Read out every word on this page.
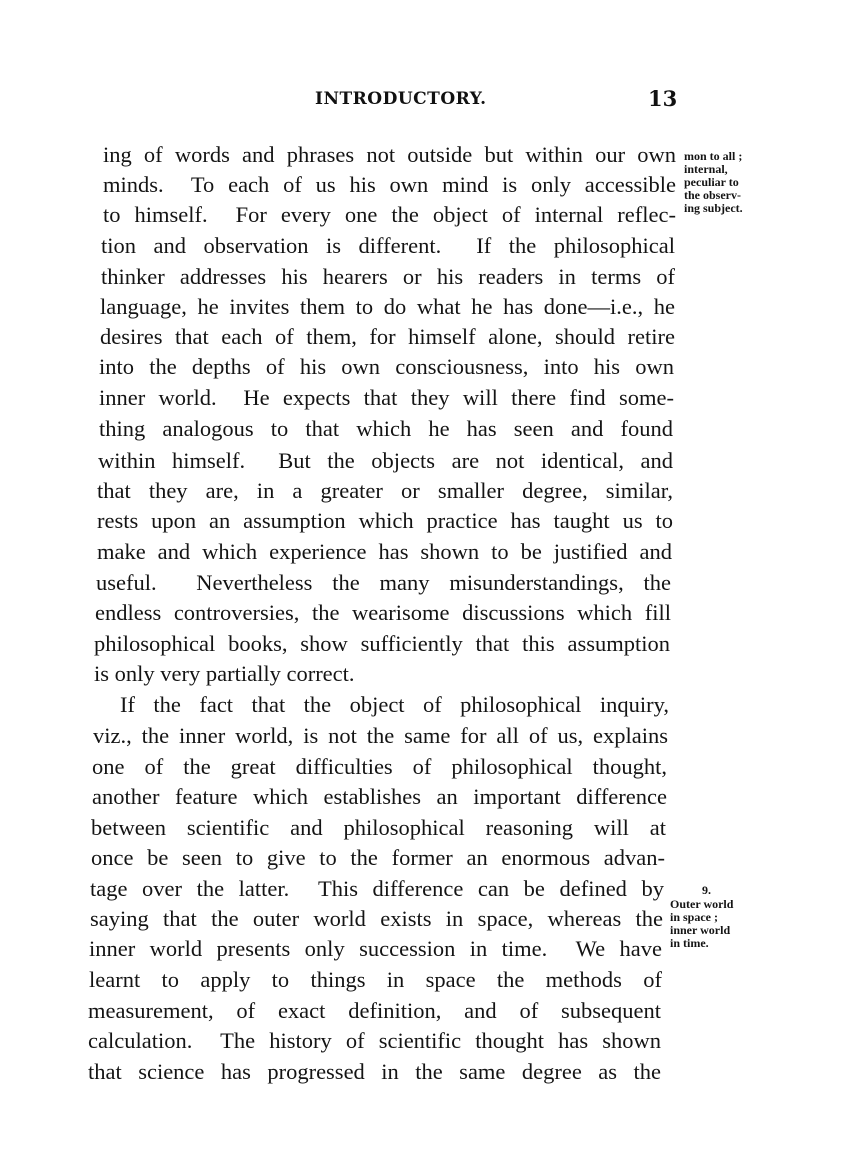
INTRODUCTORY.	13
ing of words and phrases not outside but within our own
minds.  To each of us his own mind is only accessible
to himself.  For every one the object of internal reflec-
tion and observation is different.  If the philosophical
thinker addresses his hearers or his readers in terms of
language, he invites them to do what he has done—i.e., he
desires that each of them, for himself alone, should retire
into the depths of his own consciousness, into his own
inner world.  He expects that they will there find some-
thing analogous to that which he has seen and found
within himself.  But the objects are not identical, and
that they are, in a greater or smaller degree, similar,
rests upon an assumption which practice has taught us to
make and which experience has shown to be justified and
useful.  Nevertheless the many misunderstandings, the
endless controversies, the wearisome discussions which fill
philosophical books, show sufficiently that this assumption
is only very partially correct.
If the fact that the object of philosophical inquiry,
viz., the inner world, is not the same for all of us, explains
one of the great difficulties of philosophical thought,
another feature which establishes an important difference
between scientific and philosophical reasoning will at
once be seen to give to the former an enormous advan-
tage over the latter.  This difference can be defined by
saying that the outer world exists in space, whereas the
inner world presents only succession in time.  We have
learnt to apply to things in space the methods of
measurement, of exact definition, and of subsequent
calculation.  The history of scientific thought has shown
that science has progressed in the same degree as the
mon to all ;
internal,
peculiar to
the observ-
ing subject.
9.
Outer world
in space ;
inner world
in time.
